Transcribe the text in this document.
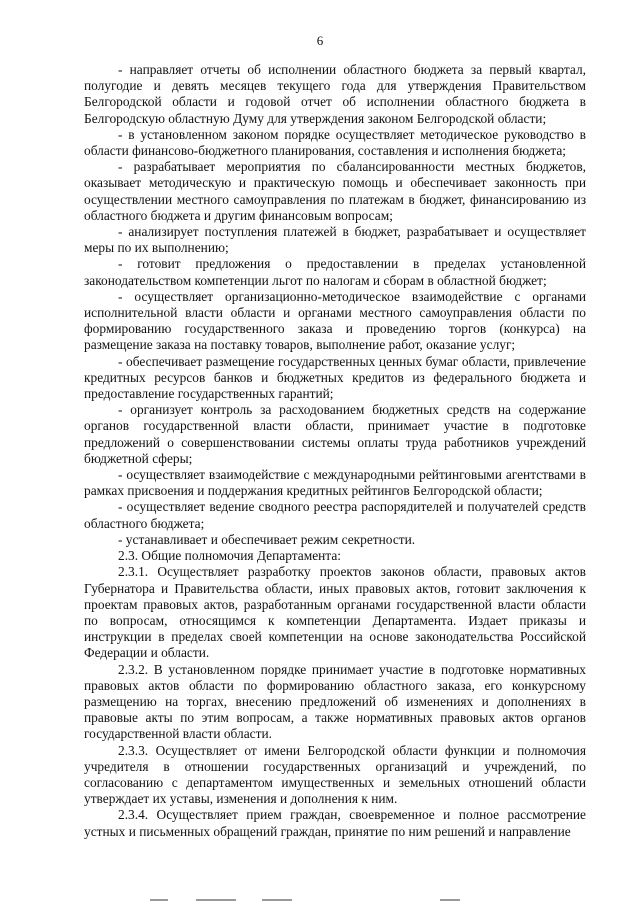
6

- направляет отчеты об исполнении областного бюджета за первый квартал, полугодие и девять месяцев текущего года для утверждения Правительством Белгородской области и годовой отчет об исполнении областного бюджета в Белгородскую областную Думу для утверждения законом Белгородской области;

- в установленном законом порядке осуществляет методическое руководство в области финансово-бюджетного планирования, составления и исполнения бюджета;

- разрабатывает мероприятия по сбалансированности местных бюджетов, оказывает методическую и практическую помощь и обеспечивает законность при осуществлении местного самоуправления по платежам в бюджет, финансированию из областного бюджета и другим финансовым вопросам;

- анализирует поступления платежей в бюджет, разрабатывает и осуществляет меры по их выполнению;

- готовит предложения о предоставлении в пределах установленной законодательством компетенции льгот по налогам и сборам в областной бюджет;

- осуществляет организационно-методическое взаимодействие с органами исполнительной власти области и органами местного самоуправления области по формированию государственного заказа и проведению торгов (конкурса) на размещение заказа на поставку товаров, выполнение работ, оказание услуг;

- обеспечивает размещение государственных ценных бумаг области, привлечение кредитных ресурсов банков и бюджетных кредитов из федерального бюджета и предоставление государственных гарантий;

- организует контроль за расходованием бюджетных средств на содержание органов государственной власти области, принимает участие в подготовке предложений о совершенствовании системы оплаты труда работников учреждений бюджетной сферы;

- осуществляет взаимодействие с международными рейтинговыми агентствами в рамках присвоения и поддержания кредитных рейтингов Белгородской области;

- осуществляет ведение сводного реестра распорядителей и получателей средств областного бюджета;

- устанавливает и обеспечивает режим секретности.

2.3. Общие полномочия Департамента:

2.3.1. Осуществляет разработку проектов законов области, правовых актов Губернатора и Правительства области, иных правовых актов, готовит заключения к проектам правовых актов, разработанным органами государственной власти области по вопросам, относящимся к компетенции Департамента. Издает приказы и инструкции в пределах своей компетенции на основе законодательства Российской Федерации и области.

2.3.2. В установленном порядке принимает участие в подготовке нормативных правовых актов области по формированию областного заказа, его конкурсному размещению на торгах, внесению предложений об изменениях и дополнениях в правовые акты по этим вопросам, а также нормативных правовых актов органов государственной власти области.

2.3.3. Осуществляет от имени Белгородской области функции и полномочия учредителя в отношении государственных организаций и учреждений, по согласованию с департаментом имущественных и земельных отношений области утверждает их уставы, изменения и дополнения к ним.

2.3.4. Осуществляет прием граждан, своевременное и полное рассмотрение устных и письменных обращений граждан, принятие по ним решений и направление
